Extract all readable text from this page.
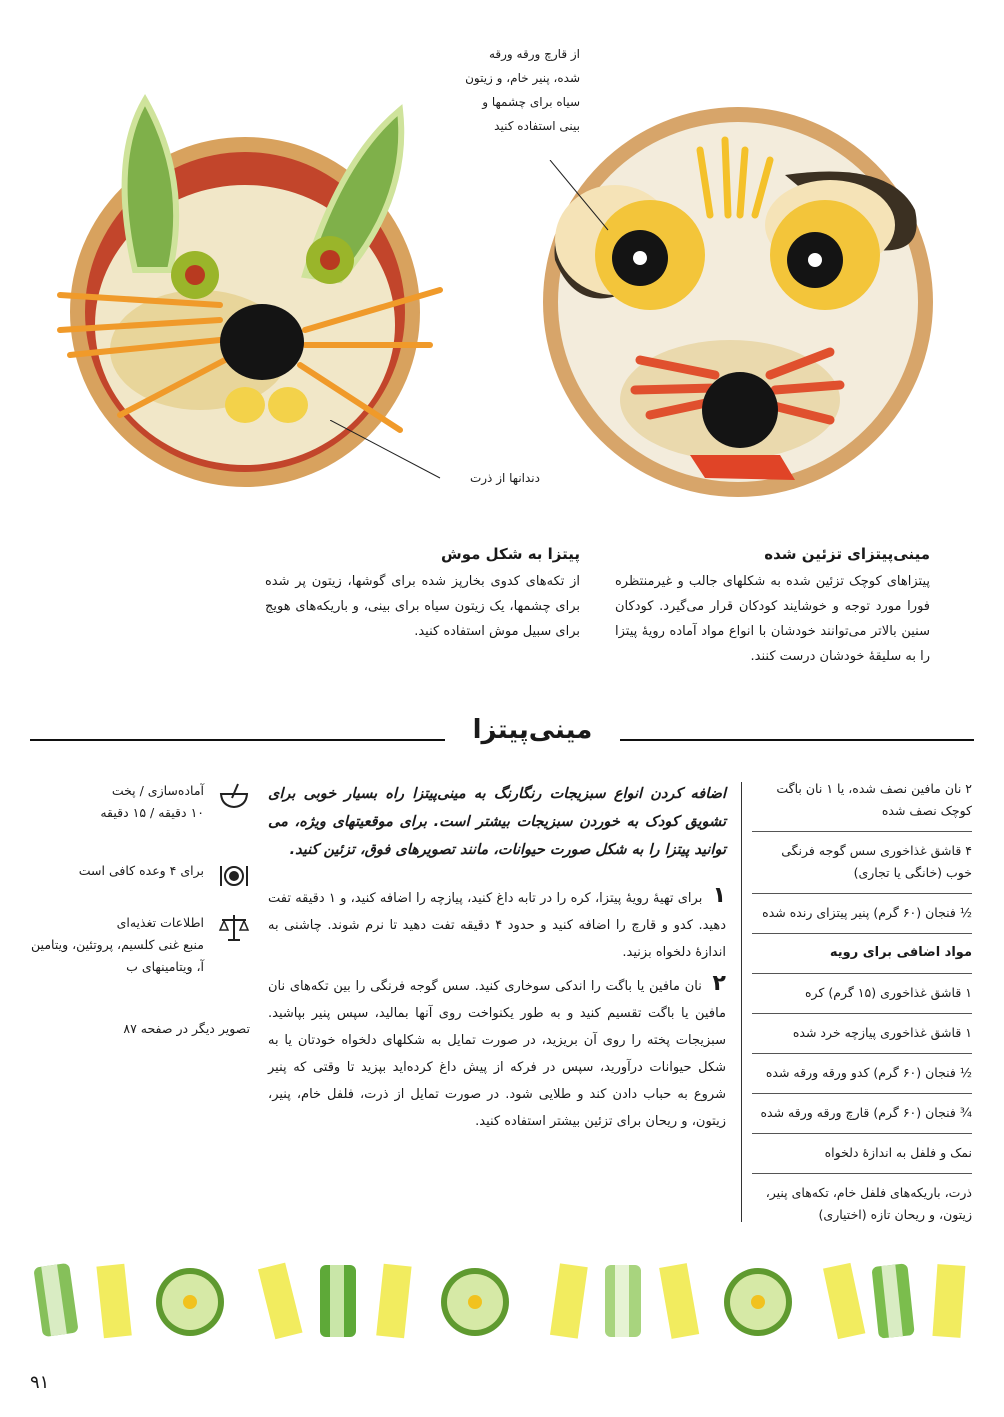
از قارچ ورقه ورقه
شده، پنیر خام، و زیتون
سیاه برای چشمها و
بینی استفاده کنید
دندانها از ذرت
پیتزا به شکل موش
از تکه‌های کدوی بخارپز شده برای گوشها، زیتون پر شده برای چشمها، یک زیتون سیاه برای بینی، و باریکه‌های هویج برای سبیل موش استفاده کنید.
مینی‌پیتزای تزئین شده
پیتزاهای کوچک تزئین شده به شکلهای جالب و غیرمنتظره فورا مورد توجه و خوشایند کودکان قرار می‌گیرد. کودکان سنین بالاتر می‌توانند خودشان با انواع مواد آماده رویهٔ پیتزا را به سلیقهٔ خودشان درست کنند.
مینی‌پیتزا
۲ نان مافین نصف شده، یا ۱ نان باگت کوچک نصف شده
۴ قاشق غذاخوری سس گوجه فرنگی خوب (خانگی یا تجاری)
½ فنجان (۶۰ گرم) پنیر پیتزای رنده شده
مواد اضافی برای رویه
۱ قاشق غذاخوری (۱۵ گرم) کره
۱ قاشق غذاخوری پیازچه خرد شده
½ فنجان (۶۰ گرم) کدو ورقه ورقه شده
¾ فنجان (۶۰ گرم) قارچ ورقه ورقه شده
نمک و فلفل به اندازهٔ دلخواه
ذرت، باریکه‌های فلفل خام، تکه‌های پنیر، زیتون، و ریحان تازه (اختیاری)
اضافه کردن انواع سبزیجات رنگارنگ به مینی‌پیتزا راه بسیار خوبی برای تشویق کودک به خوردن سبزیجات بیشتر است. برای موقعیتهای ویژه، می توانید پیتزا را به شکل صورت حیوانات، مانند تصویرهای فوق، تزئین کنید.
۱ برای تهیهٔ رویهٔ پیتزا، کره را در تابه داغ کنید، پیازچه را اضافه کنید، و ۱ دقیقه تفت دهید. کدو و قارچ را اضافه کنید و حدود ۴ دقیقه تفت دهید تا نرم شوند. چاشنی به اندازهٔ دلخواه بزنید.
۲ نان مافین یا باگت را اندکی سوخاری کنید. سس گوجه فرنگی را بین تکه‌های نان مافین یا باگت تقسیم کنید و به طور یکنواخت روی آنها بمالید، سپس پنیر بپاشید. سبزیجات پخته را روی آن بریزید، در صورت تمایل به شکلهای دلخواه خودتان یا به شکل حیوانات درآورید، سپس در فرکه از پیش داغ کرده‌اید بپزید تا وقتی که پنیر شروع به حباب دادن کند و طلایی شود. در صورت تمایل از ذرت، فلفل خام، پنیر، زیتون، و ریحان برای تزئین بیشتر استفاده کنید.
آماده‌سازی / پخت
۱۰ دقیقه / ۱۵ دقیقه
برای ۴ وعده کافی است
اطلاعات تغذیه‌ای
منبع غنی کلسیم، پروتئین، ویتامین آ، ویتامینهای ب
تصویر دیگر در صفحه ۸۷
۹۱
